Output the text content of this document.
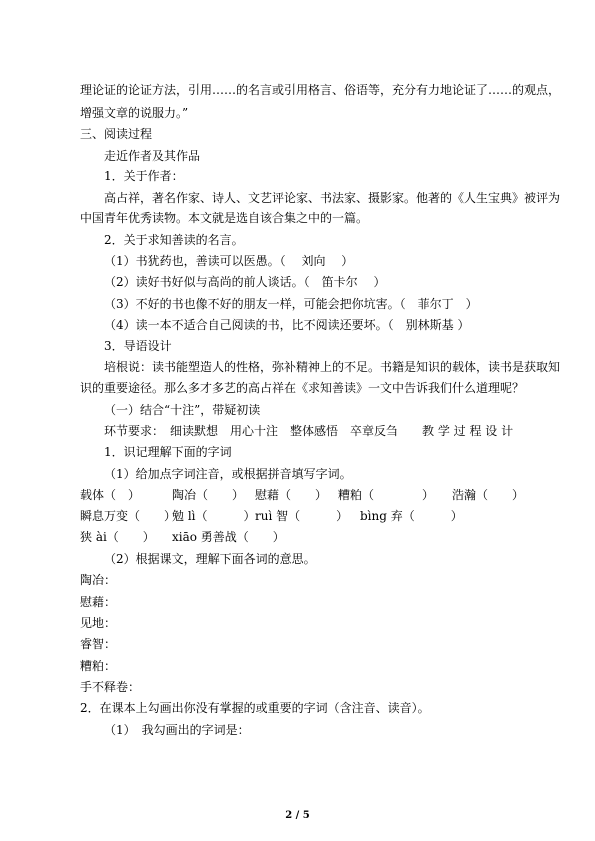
理论证的论证方法，引用……的名言或引用格言、俗语等，充分有力地论证了……的观点，
增强文章的说服力。”
三、阅读过程
走近作者及其作品
1．关于作者：
高占祥，著名作家、诗人、文艺评论家、书法家、摄影家。他著的《人生宝典》被评为
中国青年优秀读物。本文就是选自该合集之中的一篇。
2．关于求知善读的名言。
（1）书犹药也，善读可以医愚。（　 刘向　 ）
（2）读好书好似与高尚的前人谈话。（　笛卡尔　 ）
（3）不好的书也像不好的朋友一样，可能会把你坑害。（　菲尔丁　）
（4）读一本不适合自己阅读的书，比不阅读还要坏。（　别林斯基 ）
3．导语设计
培根说：读书能塑造人的性格，弥补精神上的不足。书籍是知识的载体，读书是获取知
识的重要途径。那么多才多艺的高占祥在《求知善读》一文中告诉我们什么道理呢？
（一）结合“十注”，带疑初读
环节要求：　细读默想　用心十注　整体感悟　卒章反刍　　教 学 过 程 设 计
1．识记理解下面的字词
（1）给加点字词注音，或根据拼音填写字词。
载体（　）	陶冶（　　） 慰藉（　　） 糟粕（　　　　） 浩瀚（　　）
瞬息万变（　　）
勉 lì（　　　） ruì 智（　　　） bìng 弃（　　　）
狭 ài（　　） xiāo 勇善战（　　）
（2）根据课文，理解下面各词的意思。
陶冶：
慰藉：
见地：
睿智：
糟粕：
手不释卷：
2．在课本上勾画出你没有掌握的或重要的字词（含注音、读音）。
（1）　我勾画出的字词是：
2 / 5
